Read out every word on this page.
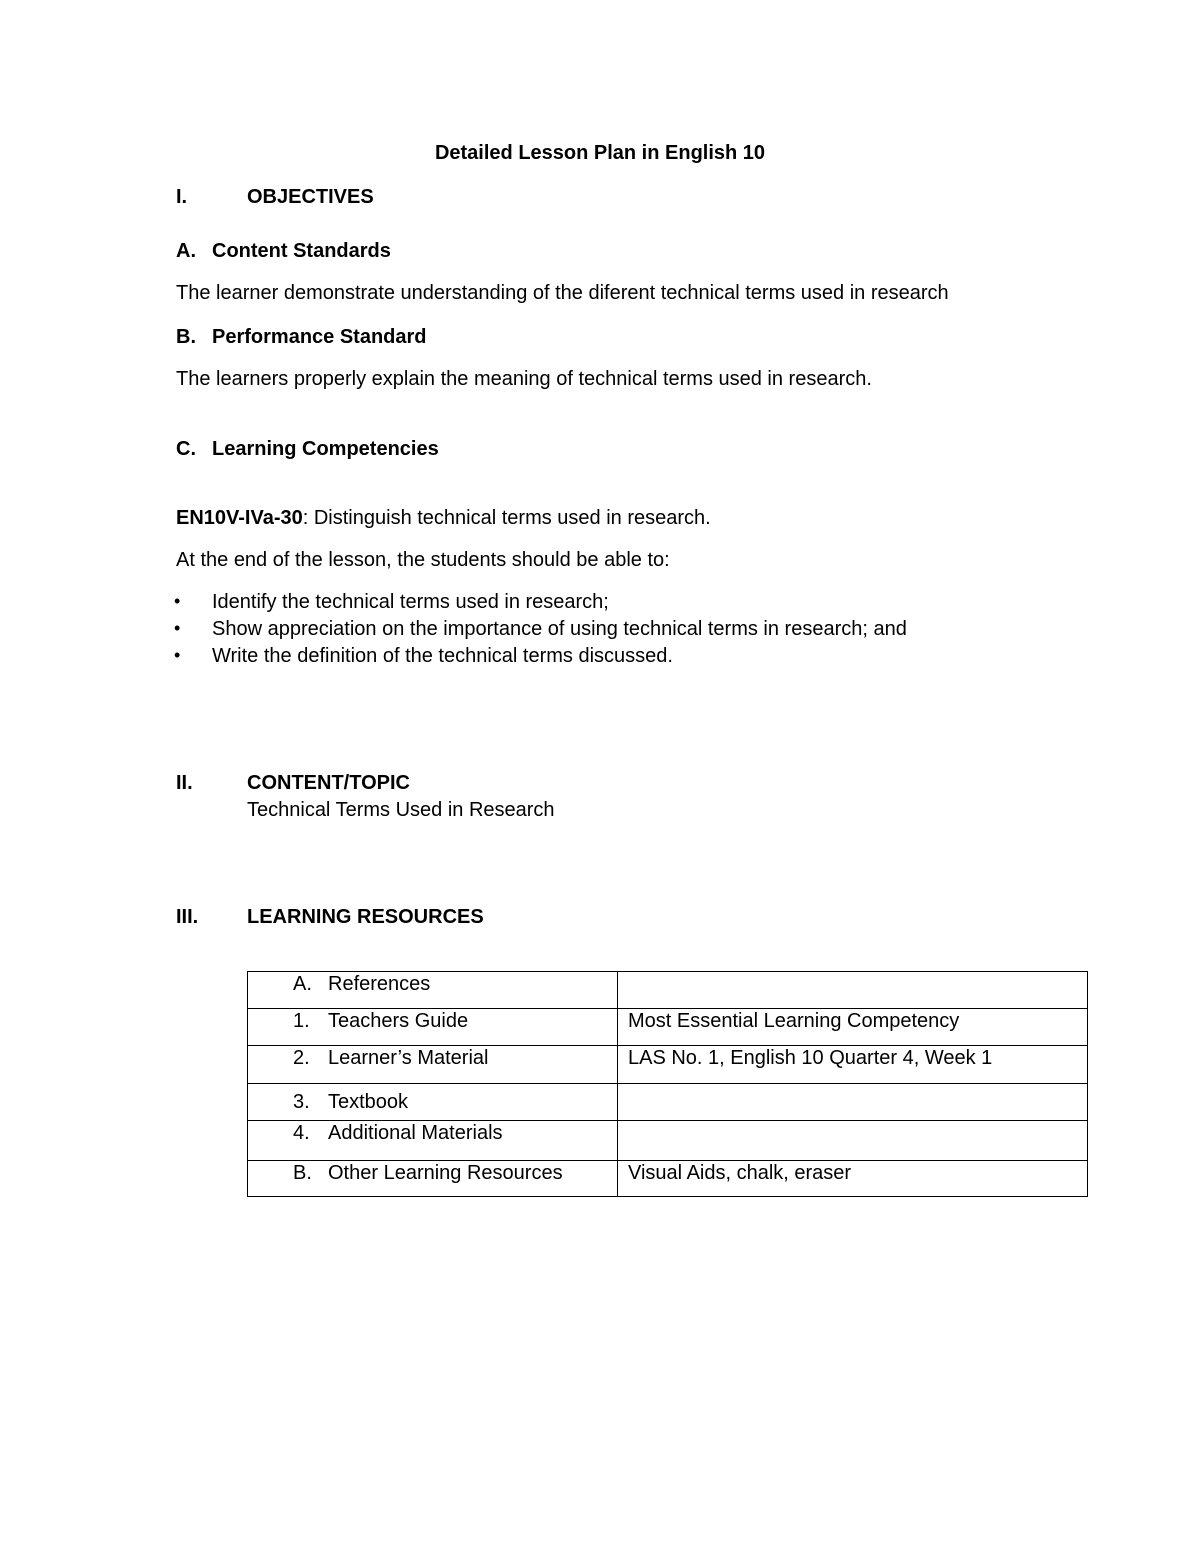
Detailed Lesson Plan in English 10
I.	OBJECTIVES
A. Content Standards
The learner demonstrate understanding of the diferent technical terms used in research
B. Performance Standard
The learners properly explain the meaning of technical terms used in research.
C. Learning Competencies
EN10V-IVa-30: Distinguish technical terms used in research.
At the end of the lesson, the students should be able to:
• Identify the technical terms used in research;
• Show appreciation on the importance of using technical terms in research; and
• Write the definition of the technical terms discussed.
II.	CONTENT/TOPIC
Technical Terms Used in Research
III. LEARNING RESOURCES
A. References	
1. Teachers Guide	Most Essential Learning Competency
2. Learner’s Material	LAS No. 1, English 10 Quarter 4, Week 1
3. Textbook	
4. Additional Materials	
B. Other Learning Resources	Visual Aids, chalk, eraser
